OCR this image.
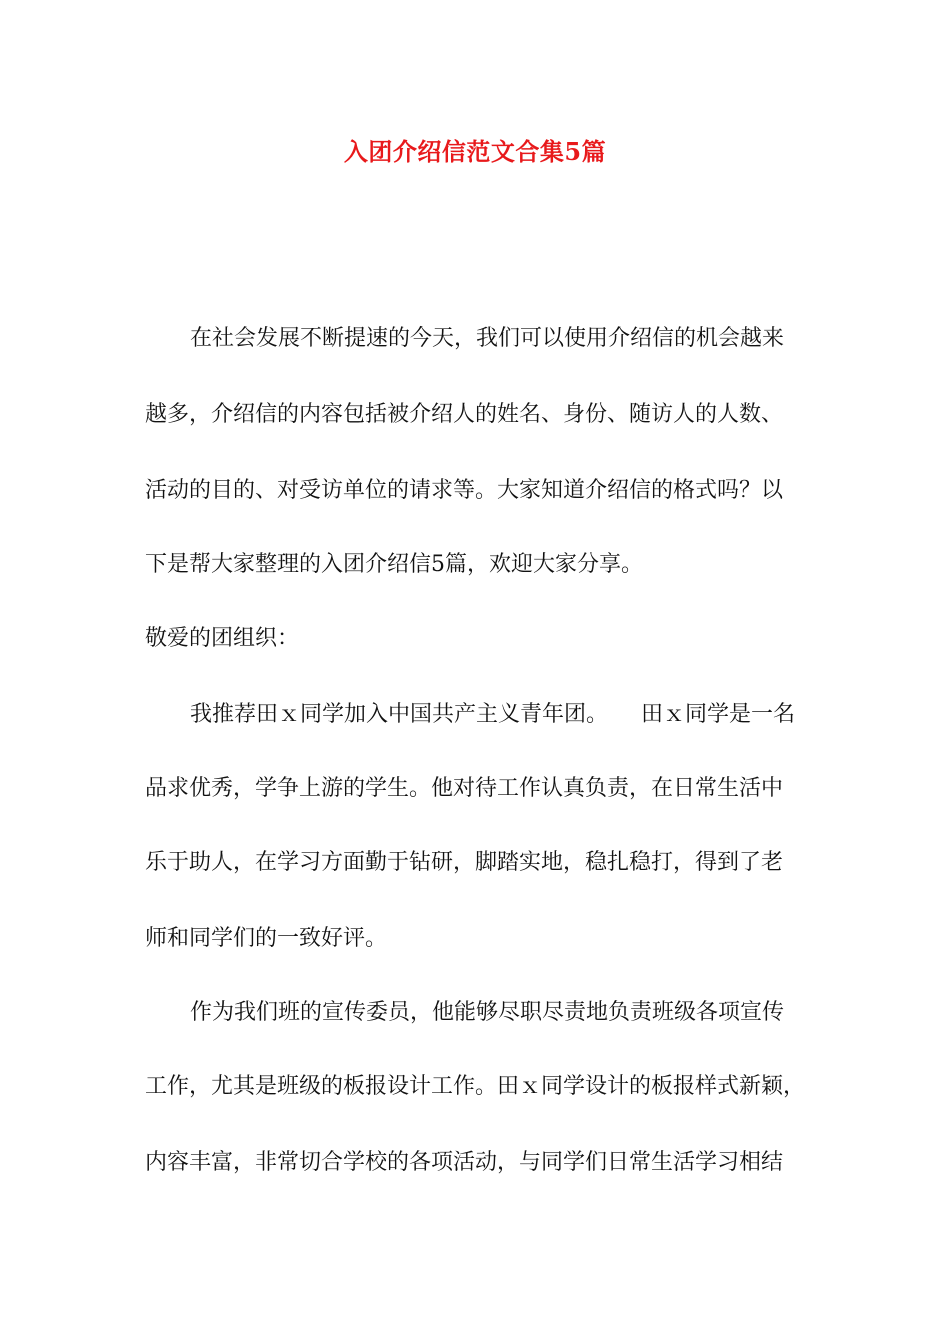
入团介绍信范文合集5篇
在社会发展不断提速的今天，我们可以使用介绍信的机会越来
越多，介绍信的内容包括被介绍人的姓名、身份、随访人的人数、
活动的目的、对受访单位的请求等。大家知道介绍信的格式吗？以
下是帮大家整理的入团介绍信5篇，欢迎大家分享。
敬爱的团组织：
我推荐田ｘ同学加入中国共产主义青年团。　　田ｘ同学是一名
品求优秀，学争上游的学生。他对待工作认真负责，在日常生活中
乐于助人，在学习方面勤于钻研，脚踏实地，稳扎稳打，得到了老
师和同学们的一致好评。
作为我们班的宣传委员，他能够尽职尽责地负责班级各项宣传
工作，尤其是班级的板报设计工作。田ｘ同学设计的板报样式新颖，
内容丰富，非常切合学校的各项活动，与同学们日常生活学习相结
